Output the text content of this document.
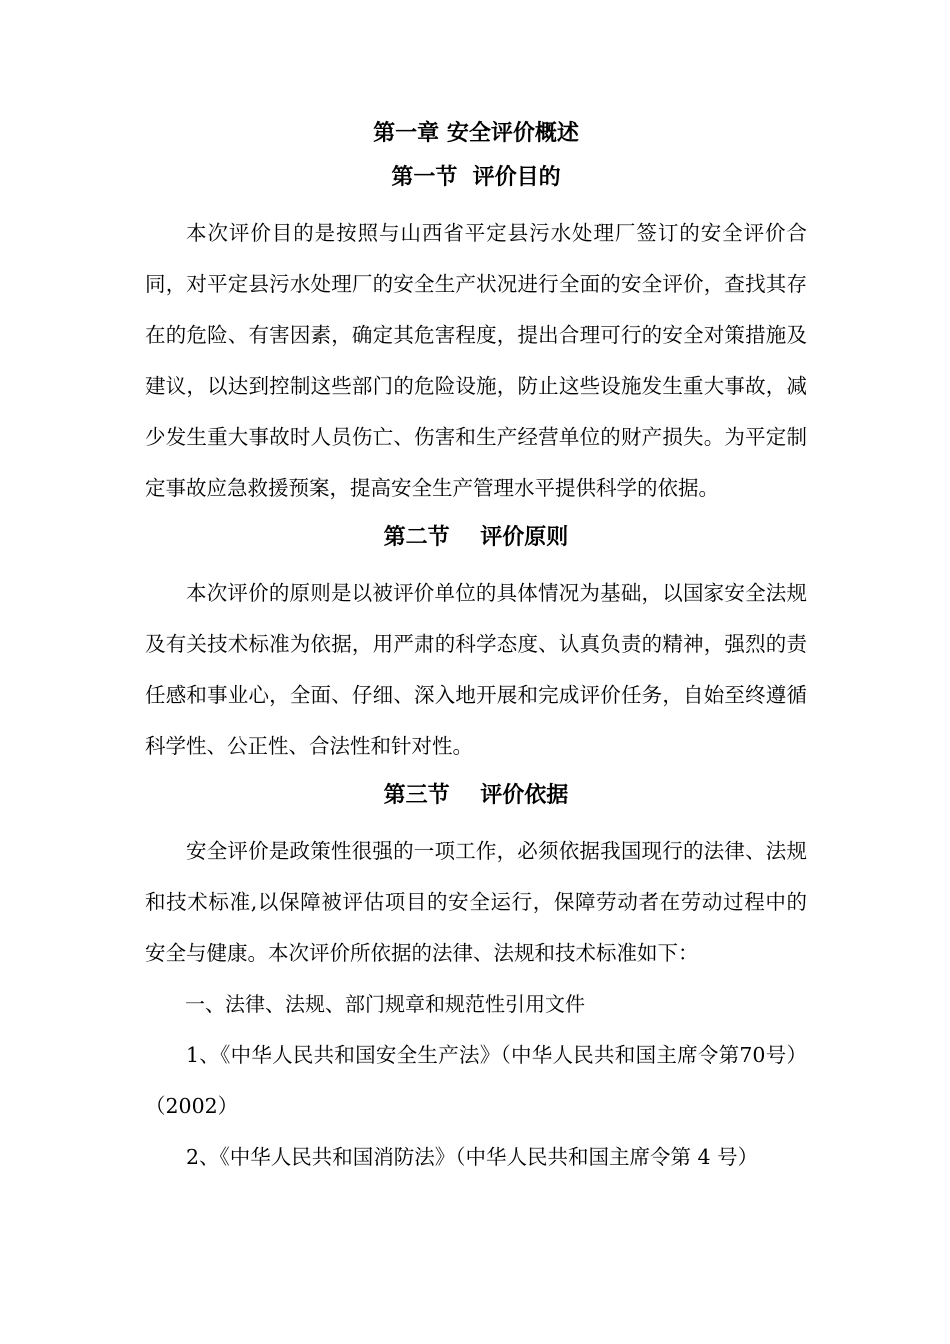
第一章 安全评价概述
第一节  评价目的

本次评价目的是按照与山西省平定县污水处理厂签订的安全评价合同，对平定县污水处理厂的安全生产状况进行全面的安全评价，查找其存在的危险、有害因素，确定其危害程度，提出合理可行的安全对策措施及建议，以达到控制这些部门的危险设施，防止这些设施发生重大事故，减少发生重大事故时人员伤亡、伤害和生产经营单位的财产损失。为平定制定事故应急救援预案，提高安全生产管理水平提供科学的依据。

第二节    评价原则

本次评价的原则是以被评价单位的具体情况为基础，以国家安全法规及有关技术标准为依据，用严肃的科学态度、认真负责的精神，强烈的责任感和事业心，全面、仔细、深入地开展和完成评价任务，自始至终遵循科学性、公正性、合法性和针对性。

第三节    评价依据

安全评价是政策性很强的一项工作，必须依据我国现行的法律、法规和技术标准,以保障被评估项目的安全运行，保障劳动者在劳动过程中的安全与健康。本次评价所依据的法律、法规和技术标准如下：

一、法律、法规、部门规章和规范性引用文件

1、《中华人民共和国安全生产法》（中华人民共和国主席令第70号）（2002）

2、《中华人民共和国消防法》（中华人民共和国主席令第 4 号）
